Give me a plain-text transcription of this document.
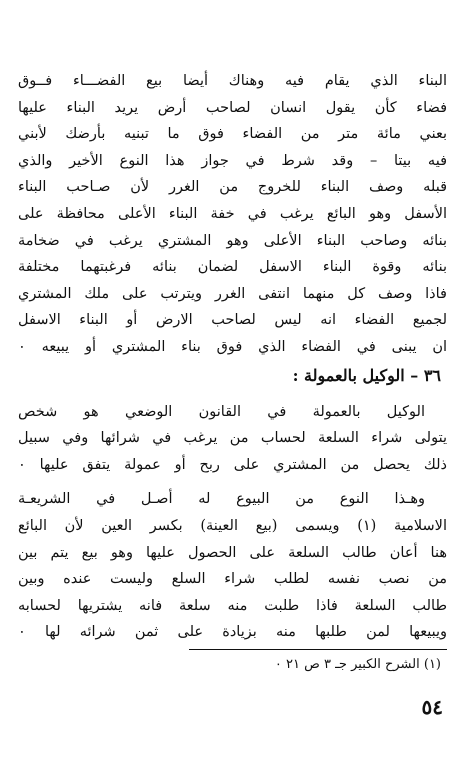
البناء الذي يقام فيه وهناك أيضا بيع الفضـــاء فــوق
فضاء كأن يقول انسان لصاحب أرض يريد البناء عليها
بعني مائة متر من الفضاء فوق ما تبنيه بأرضك لأبني
فيه بيتا – وقد شرط في جواز هذا النوع الأخير والذي
قبله وصف البناء للخروج من الغرر لأن صـاحب البناء
الأسفل وهو البائع يرغب في خفة البناء الأعلى محافظة على
بنائه وصاحب البناء الأعلى وهو المشتري يرغب في ضخامة
بنائه وقوة البناء الاسفل لضمان بنائه فرغبتهما مختلفة
فاذا وصف كل منهما انتفى الغرر ويترتب على ملك المشتري
لجميع الفضاء انه ليس لصاحب الارض أو البناء الاسفل
ان يبنى في الفضاء الذي فوق بناء المشتري أو يبيعه ٠
٣٦ – الوكيل بالعمولة :
الوكيل بالعمولة في القانون الوضعي هو شخص
يتولى شراء السلعة لحساب من يرغب في شرائها وفي سبيل
ذلك يحصل من المشتري على ربح أو عمولة يتفق عليها ٠
وهـذا النوع من البيوع له أصـل في الشريعـة
الاسلامية (١) ويسمى (بيع العينة) بكسر العين لأن البائع
هنا أعان طالب السلعة على الحصول عليها وهو بيع يتم بين
من نصب نفسه لطلب شراء السلع وليست عنده وبين
طالب السلعة فاذا طلبت منه سلعة فانه يشتريها لحسابه
ويبيعها لمن طلبها منه بزيادة على ثمن شرائه لها ٠
(١) الشرح الكبير جـ ٣ ص ٢١ ٠
٥٤
